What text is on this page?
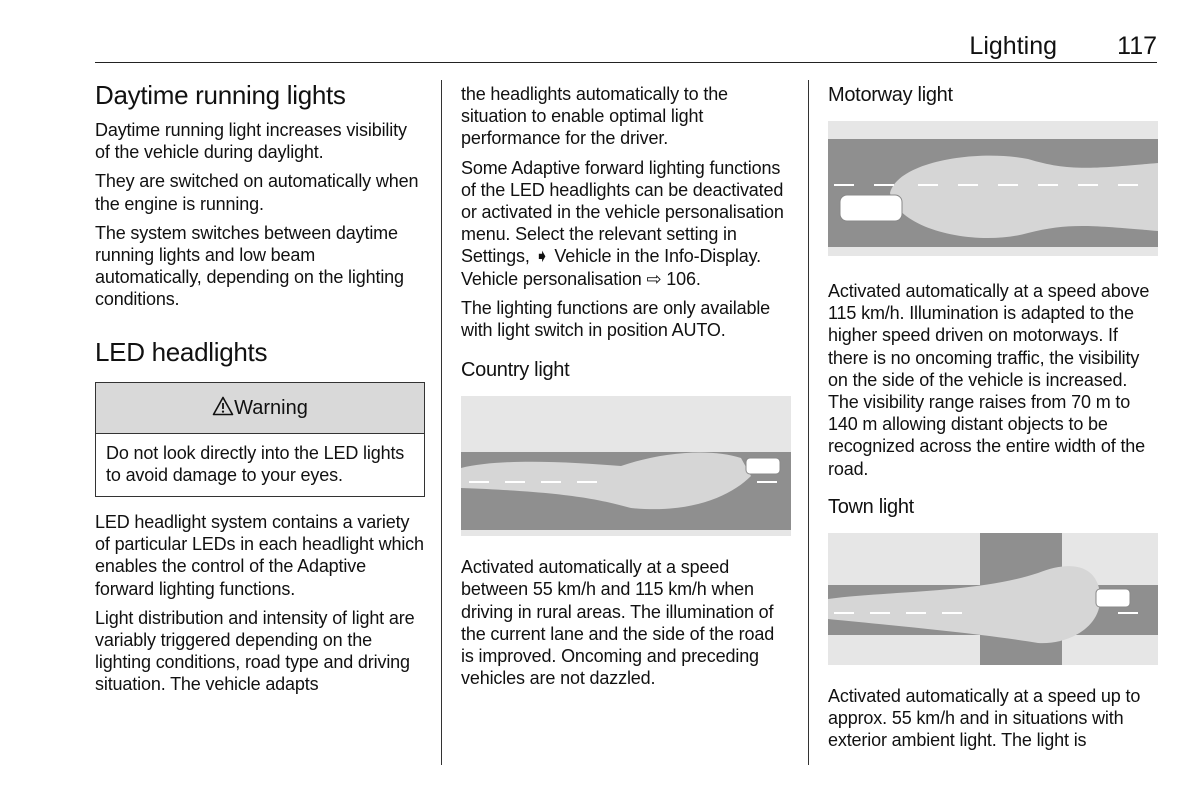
Lighting 117
Daytime running lights

Daytime running light increases visibility of the vehicle during daylight.

They are switched on automatically when the engine is running.

The system switches between daytime running lights and low beam automatically, depending on the lighting conditions.

LED headlights
Warning

Do not look directly into the LED lights to avoid damage to your eyes.

LED headlight system contains a variety of particular LEDs in each headlight which enables the control of the Adaptive forward lighting functions.

Light distribution and intensity of light are variably triggered depending on the lighting conditions, road type and driving situation. The vehicle adapts

the headlights automatically to the situation to enable optimal light performance for the driver.

Some Adaptive forward lighting functions of the LED headlights can be deactivated or activated in the vehicle personalisation menu. Select the relevant setting in Settings, ➧ Vehicle in the Info-Display. Vehicle personalisation ⇨ 106.

The lighting functions are only available with light switch in position AUTO.

Country light

Activated automatically at a speed between 55 km/h and 115 km/h when driving in rural areas. The illumination of the current lane and the side of the road is improved. Oncoming and preceding vehicles are not dazzled.

Motorway light

Activated automatically at a speed above 115 km/h. Illumination is adapted to the higher speed driven on motorways. If there is no oncoming traffic, the visibility on the side of the vehicle is increased. The visibility range raises from 70 m to 140 m allowing distant objects to be recognized across the entire width of the road.

Town light

Activated automatically at a speed up to approx. 55 km/h and in situations with exterior ambient light. The light is
